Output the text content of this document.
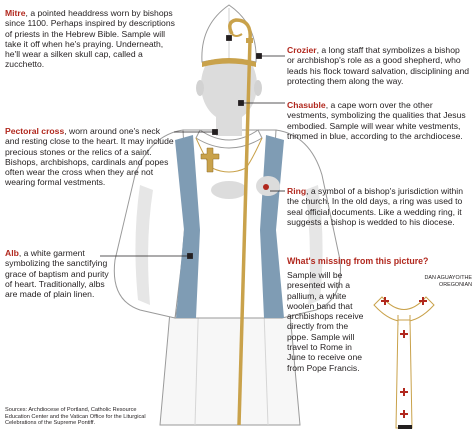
Mitre, a pointed headdress worn by bishops since 1100. Perhaps inspired by descriptions of priests in the Hebrew Bible. Sample will take it off when he's praying. Underneath, he'll wear a silken skull cap, called a zucchetto.
Pectoral cross, worn around one's neck and resting close to the heart. It may include precious stones or the relics of a saint. Bishops, archbishops, cardinals and popes often wear the cross when they are not wearing formal vestments.
Alb, a white garment symbolizing the sanctifying grace of baptism and purity of heart. Traditionally, albs are made of plain linen.
Crozier, a long staff that symbolizes a bishop or archbishop's role as a good shepherd, who leads his flock toward salvation, disciplining and protecting them along the way.
Chasuble, a cape worn over the other vestments, symbolizing the qualities that Jesus embodied. Sample will wear white vestments, trimmed in blue, according to the archdiocese.
Ring, a symbol of a bishop's jurisdiction within the church. In the old days, a ring was used to seal official documents. Like a wedding ring, it suggests a bishop is wedded to his diocese.
What's missing from this picture?
Sample will be presented with a pallium, a white woolen band that archbishops receive directly from the pope. Sample will travel to Rome in June to receive one from Pope Francis.
DAN AGUAYO/THE OREGONIAN
Sources: Archdiocese of Portland, Catholic Resource Education Center and the Vatican Office for the Liturgical Celebrations of the Supreme Pontiff.
